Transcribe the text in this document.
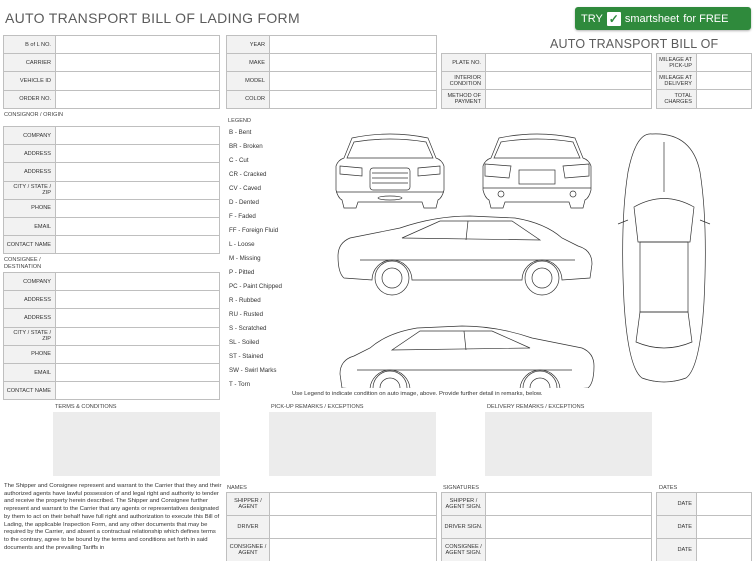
AUTO TRANSPORT BILL OF LADING FORM	TRY ✓ smartsheet for FREE
AUTO TRANSPORT BILL OF
B of L NO.	
CARRIER	
VEHICLE ID	
ORDER NO.	
YEAR	
MAKE	
MODEL	
COLOR	
PLATE NO.	
INTERIOR CONDITION	
METHOD OF PAYMENT	
MILEAGE AT PICK-UP	
MILEAGE AT DELIVERY	
TOTAL CHARGES	
CONSIGNOR / ORIGIN
COMPANY	
ADDRESS	
ADDRESS	
CITY / STATE / ZIP	
PHONE	
EMAIL	
CONTACT NAME	
CONSIGNEE / DESTINATION
COMPANY	
ADDRESS	
ADDRESS	
CITY / STATE / ZIP	
PHONE	
EMAIL	
CONTACT NAME	
LEGEND
B - Bent
BR - Broken
C - Cut
CR - Cracked
CV - Caved
D - Dented
F - Faded
FF - Foreign Fluid
L - Loose
M - Missing
P - Pitted
PC - Paint Chipped
R - Rubbed
RU - Rusted
S - Scratched
SL - Soiled
ST - Stained
SW - Swirl Marks
T - Torn
Use Legend to indicate condition on auto image, above. Provide further detail in remarks, below.
TERMS & CONDITIONS	PICK-UP REMARKS / EXCEPTIONS	DELIVERY REMARKS / EXCEPTIONS
The Shipper and Consignee represent and warrant to the Carrier that they and their authorized agents have lawful possession of and legal right and authority to tender and receive the property herein described. The Shipper and Consignee further represent and warrant to the Carrier that any agents or representatives designated by them to act on their behalf have full right and authorization to execute this Bill of Lading, the applicable Inspection Form, and any other documents that may be required by the Carrier, and absent a contractual relationship which defines terms to the contrary, agree to be bound by the terms and conditions set forth in said documents and the prevailing Tariffs in
NAMES	SIGNATURES	DATES
SHIPPER / AGENT	
DRIVER	
CONSIGNEE / AGENT	
SHIPPER / AGENT SIGN.	
DRIVER SIGN.	
CONSIGNEE / AGENT SIGN.	
DATE	
DATE	
DATE	
